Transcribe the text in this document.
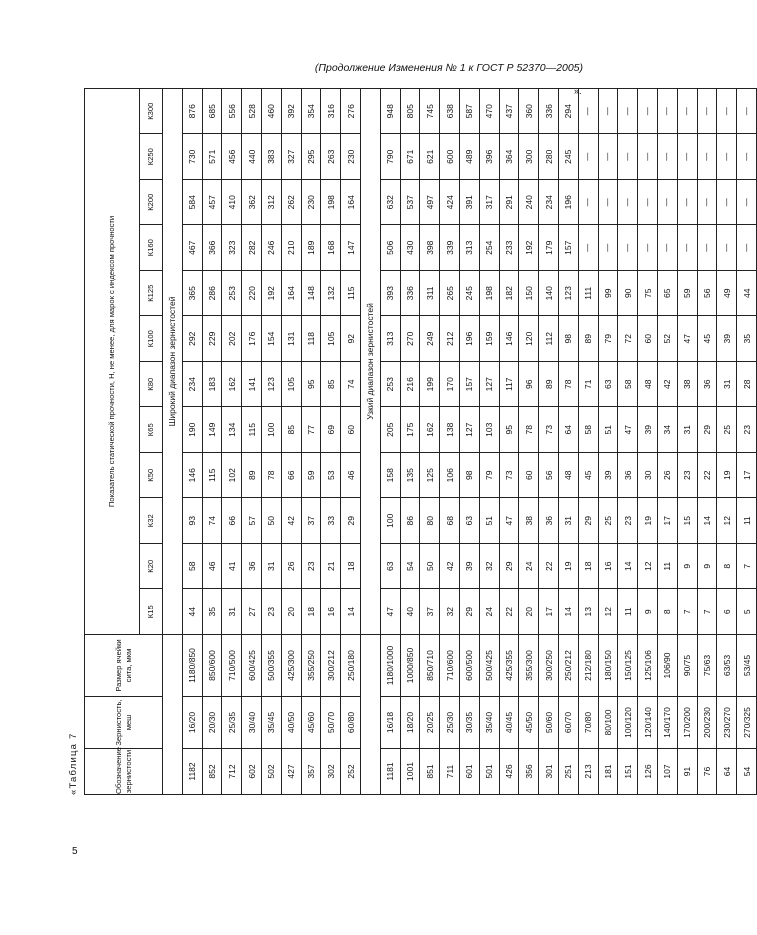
(Продолжение Изменения № 1 к ГОСТ Р 52370—2005)
».
«Таблица 7	Обозначение зернистости	Зернистость, меш	Размер ячейки сита, мкм	Показатель статической прочности, Н, не менее, для марок с индексом прочности											
			К15	К20	К32	К50	К65	К80	К100	К125	К160	К200	К250	К300
			Широкий диапазон зернистостей											
1182	16/20	1180/850	44	58	93	146	190	234	292	365	467	584	730	876
852	20/30	850/600	35	46	74	115	149	183	229	286	366	457	571	685
712	25/35	710/500	31	41	66	102	134	162	202	253	323	410	456	556
602	30/40	600/425	27	36	57	89	115	141	176	220	282	362	440	528
502	35/45	500/355	23	31	50	78	100	123	154	192	246	312	383	460
427	40/50	425/300	20	26	42	66	85	105	131	164	210	262	327	392
357	45/60	355/250	18	23	37	59	77	95	118	148	189	230	295	354
302	50/70	300/212	16	21	33	53	69	85	105	132	168	198	263	316
252	60/80	250/180	14	18	29	46	60	74	92	115	147	164	230	276
			Узкий диапазон зернистостей											
1181	16/18	1180/1000	47	63	100	158	205	253	313	393	506	632	790	948
1001	18/20	1000/850	40	54	86	135	175	216	270	336	430	537	671	805
851	20/25	850/710	37	50	80	125	162	199	249	311	398	497	621	745
711	25/30	710/600	32	42	68	106	138	170	212	265	339	424	600	638
601	30/35	600/500	29	39	63	98	127	157	196	245	313	391	489	587
501	35/40	500/425	24	32	51	79	103	127	159	198	254	317	396	470
426	40/45	425/355	22	29	47	73	95	117	146	182	233	291	364	437
356	45/50	355/300	20	24	38	60	78	96	120	150	192	240	300	360
301	50/60	300/250	17	22	36	56	73	89	112	140	179	234	280	336
251	60/70	250/212	14	19	31	48	64	78	98	123	157	196	245	294
213	70/80	212/180	13	18	29	45	58	71	89	111	—	—	—	—
181	80/100	180/150	12	16	25	39	51	63	79	99	—	—	—	—
151	100/120	150/125	11	14	23	36	47	58	72	90	—	—	—	—
126	120/140	125/106	9	12	19	30	39	48	60	75	—	—	—	—
107	140/170	106/90	8	11	17	26	34	42	52	65	—	—	—	—
91	170/200	90/75	7	9	15	23	31	38	47	59	—	—	—	—
76	200/230	75/63	7	9	14	22	29	36	45	56	—	—	—	—
64	230/270	63/53	6	8	12	19	25	31	39	49	—	—	—	—
54	270/325	53/45	5	7	11	17	23	28	35	44	—	—	—	—
5
